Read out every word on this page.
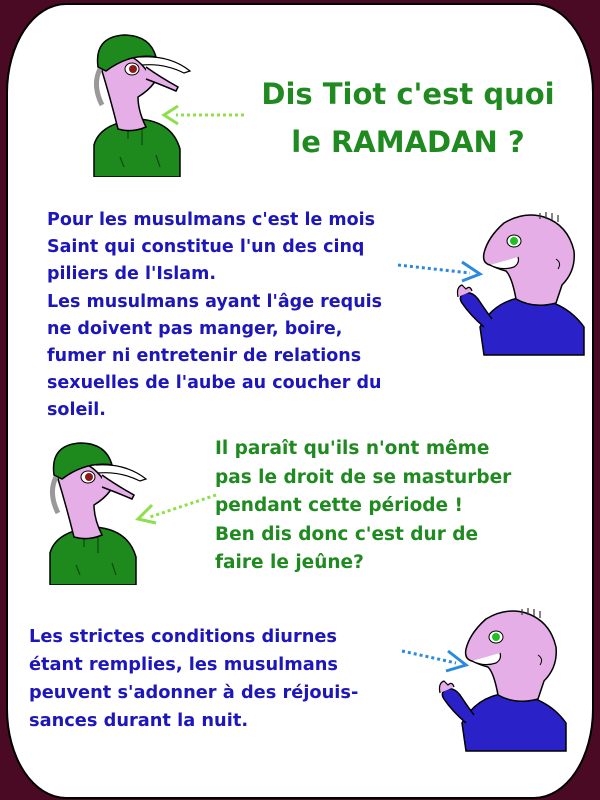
Dis Tiot c'est quoi
le RAMADAN ?
Pour les musulmans c'est le mois
Saint qui constitue l'un des cinq
piliers de l'Islam.
Les musulmans ayant l'âge requis
ne doivent pas manger, boire,
fumer ni entretenir de relations
sexuelles de l'aube au coucher du
soleil.
Il paraît qu'ils n'ont même
pas le droit de se masturber
pendant cette période !
Ben dis donc c'est dur de
faire le jeûne?
Les strictes conditions diurnes
étant remplies, les musulmans
peuvent s'adonner à des réjouis-
sances durant la nuit.
